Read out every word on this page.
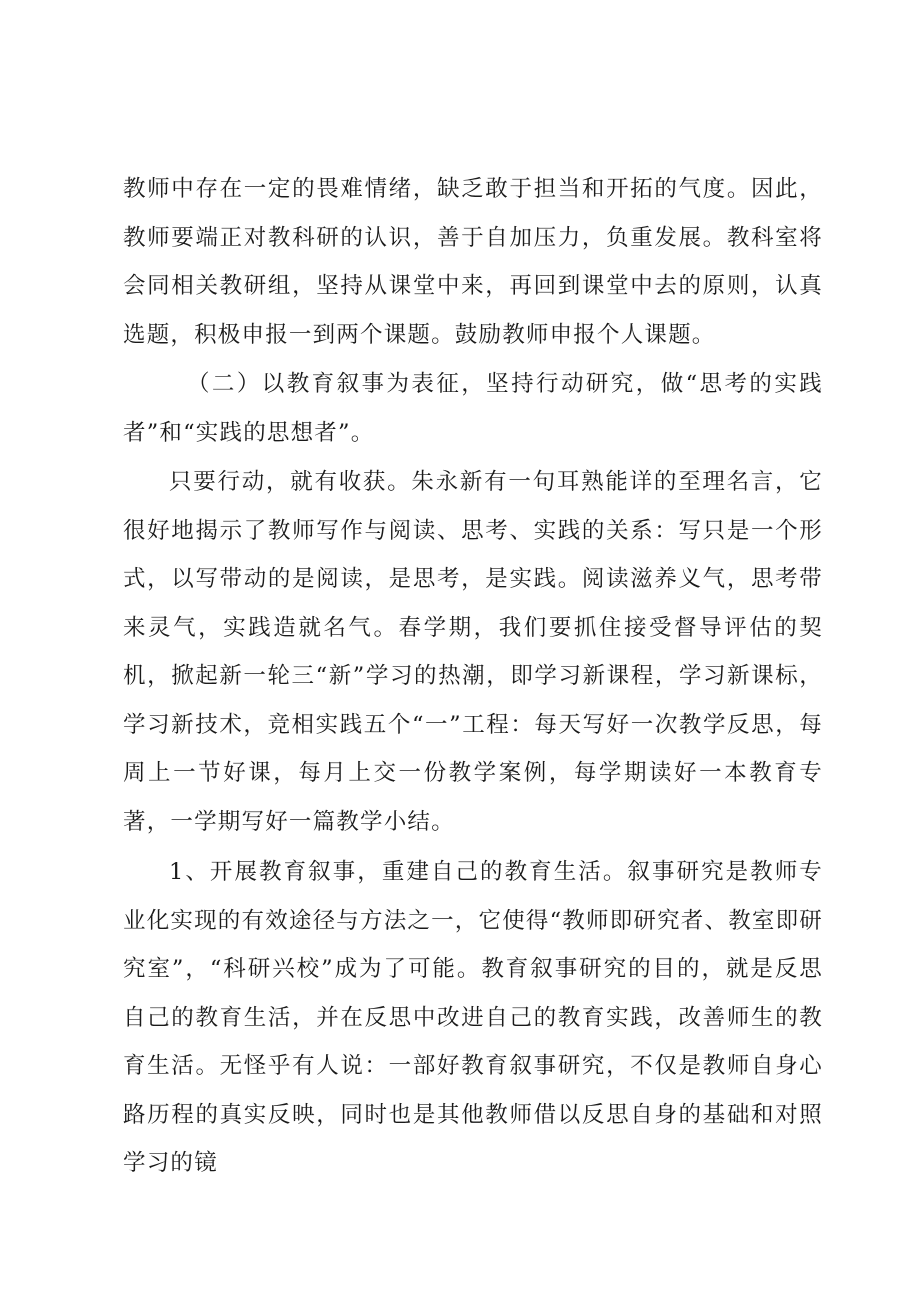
教师中存在一定的畏难情绪，缺乏敢于担当和开拓的气度。因此，教师要端正对教科研的认识，善于自加压力，负重发展。教科室将会同相关教研组，坚持从课堂中来，再回到课堂中去的原则，认真选题，积极申报一到两个课题。鼓励教师申报个人课题。

（二）以教育叙事为表征，坚持行动研究，做“思考的实践者”和“实践的思想者”。

只要行动，就有收获。朱永新有一句耳熟能详的至理名言，它很好地揭示了教师写作与阅读、思考、实践的关系：写只是一个形式，以写带动的是阅读，是思考，是实践。阅读滋养义气，思考带来灵气，实践造就名气。春学期，我们要抓住接受督导评估的契机，掀起新一轮三“新”学习的热潮，即学习新课程，学习新课标，学习新技术，竞相实践五个“一”工程：每天写好一次教学反思，每周上一节好课，每月上交一份教学案例，每学期读好一本教育专著，一学期写好一篇教学小结。

1、开展教育叙事，重建自己的教育生活。叙事研究是教师专业化实现的有效途径与方法之一，它使得“教师即研究者、教室即研究室”，“科研兴校”成为了可能。教育叙事研究的目的，就是反思自己的教育生活，并在反思中改进自己的教育实践，改善师生的教育生活。无怪乎有人说：一部好教育叙事研究，不仅是教师自身心路历程的真实反映，同时也是其他教师借以反思自身的基础和对照学习的镜
